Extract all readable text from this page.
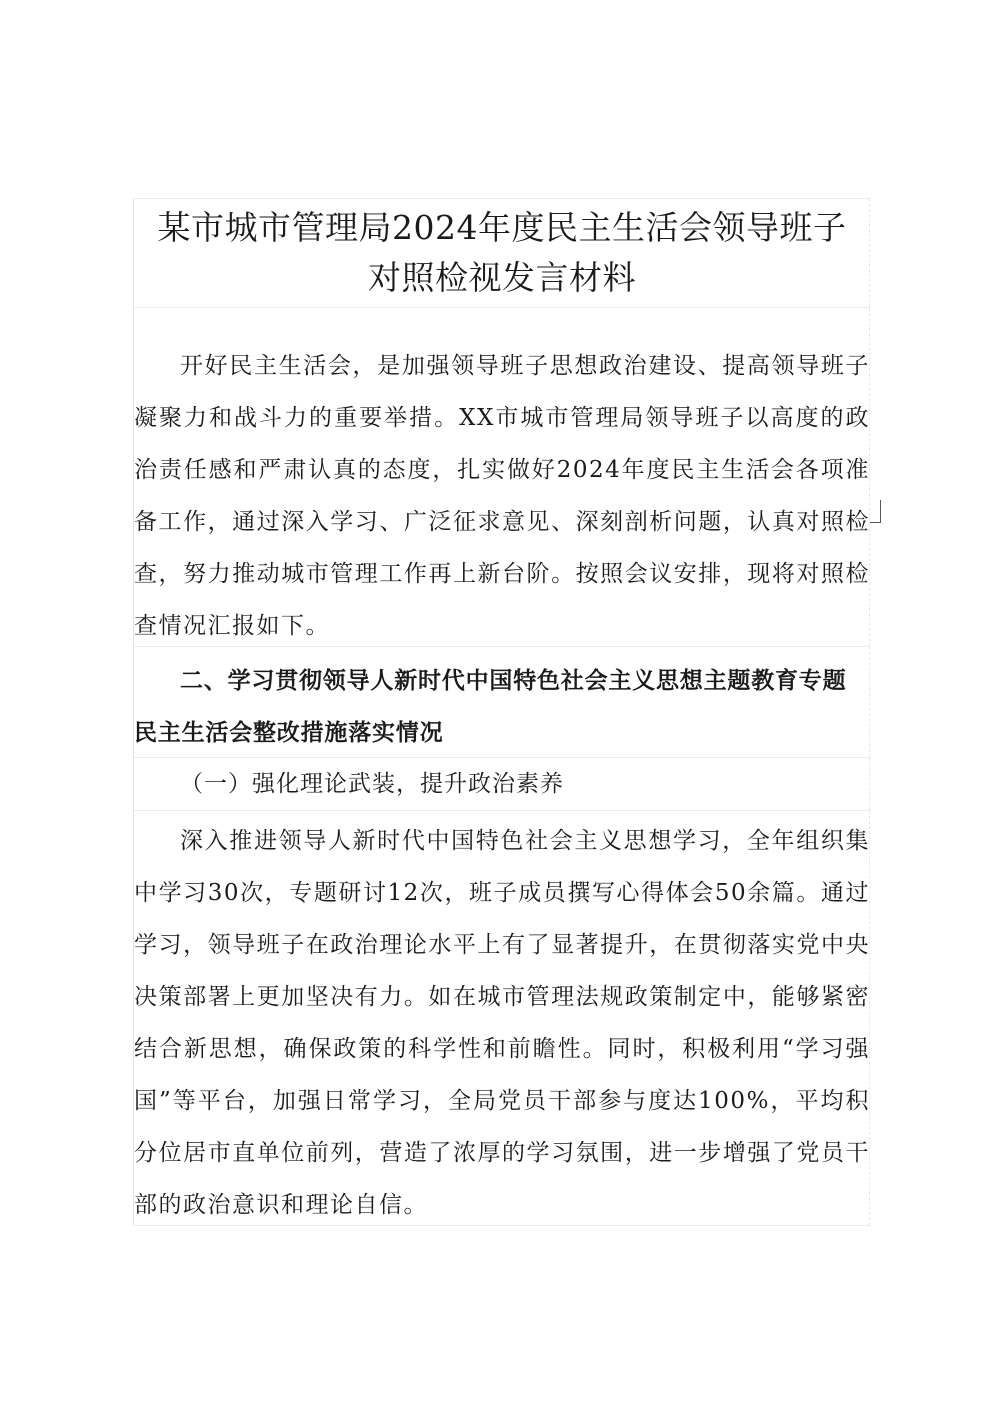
某市城市管理局2024年度民主生活会领导班子
对照检视发言材料

开好民主生活会，是加强领导班子思想政治建设、提高领导班子凝聚力和战斗力的重要举措。XX市城市管理局领导班子以高度的政治责任感和严肃认真的态度，扎实做好2024年度民主生活会各项准备工作，通过深入学习、广泛征求意见、深刻剖析问题，认真对照检查，努力推动城市管理工作再上新台阶。按照会议安排，现将对照检查情况汇报如下。

二、学习贯彻领导人新时代中国特色社会主义思想主题教育专题民主生活会整改措施落实情况

（一）强化理论武装，提升政治素养

深入推进领导人新时代中国特色社会主义思想学习，全年组织集中学习30次，专题研讨12次，班子成员撰写心得体会50余篇。通过学习，领导班子在政治理论水平上有了显著提升，在贯彻落实党中央决策部署上更加坚决有力。如在城市管理法规政策制定中，能够紧密结合新思想，确保政策的科学性和前瞻性。同时，积极利用“学习强国”等平台，加强日常学习，全局党员干部参与度达100%，平均积分位居市直单位前列，营造了浓厚的学习氛围，进一步增强了党员干部的政治意识和理论自信。
